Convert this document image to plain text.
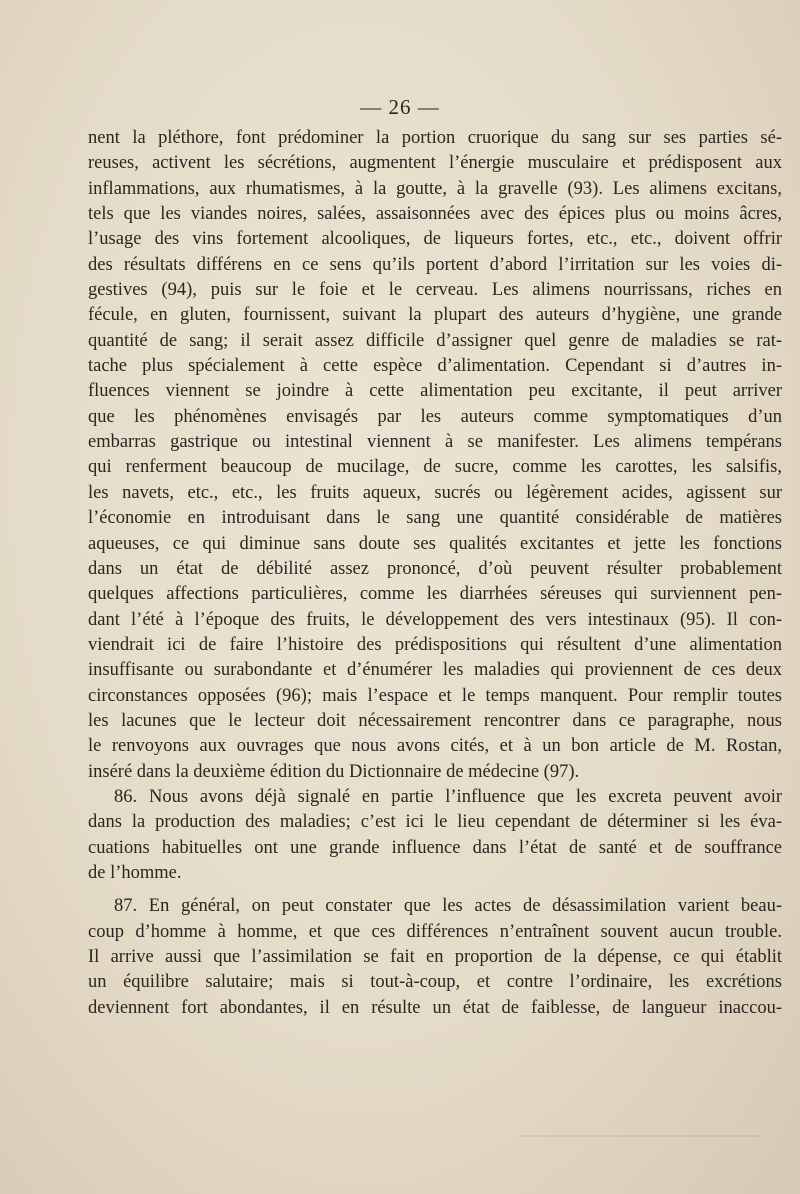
— 26 —
nent la pléthore, font prédominer la portion cruorique du sang sur ses parties sé-
reuses, activent les sécrétions, augmentent l’énergie musculaire et prédisposent aux
inflammations, aux rhumatismes, à la goutte, à la gravelle (93). Les alimens excitans,
tels que les viandes noires, salées, assaisonnées avec des épices plus ou moins âcres,
l’usage des vins fortement alcooliques, de liqueurs fortes, etc., etc., doivent offrir
des résultats différens en ce sens qu’ils portent d’abord l’irritation sur les voies di-
gestives (94), puis sur le foie et le cerveau. Les alimens nourrissans, riches en
fécule, en gluten, fournissent, suivant la plupart des auteurs d’hygiène, une grande
quantité de sang; il serait assez difficile d’assigner quel genre de maladies se rat-
tache plus spécialement à cette espèce d’alimentation. Cependant si d’autres in-
fluences viennent se joindre à cette alimentation peu excitante, il peut arriver
que les phénomènes envisagés par les auteurs comme symptomatiques d’un
embarras gastrique ou intestinal viennent à se manifester. Les alimens tempérans
qui renferment beaucoup de mucilage, de sucre, comme les carottes, les salsifis,
les navets, etc., etc., les fruits aqueux, sucrés ou légèrement acides, agissent sur
l’économie en introduisant dans le sang une quantité considérable de matières
aqueuses, ce qui diminue sans doute ses qualités excitantes et jette les fonctions
dans un état de débilité assez prononcé, d’où peuvent résulter probablement
quelques affections particulières, comme les diarrhées séreuses qui surviennent pen-
dant l’été à l’époque des fruits, le développement des vers intestinaux (95). Il con-
viendrait ici de faire l’histoire des prédispositions qui résultent d’une alimentation
insuffisante ou surabondante et d’énumérer les maladies qui proviennent de ces deux
circonstances opposées (96); mais l’espace et le temps manquent. Pour remplir toutes
les lacunes que le lecteur doit nécessairement rencontrer dans ce paragraphe, nous
le renvoyons aux ouvrages que nous avons cités, et à un bon article de M. Rostan,
inséré dans la deuxième édition du Dictionnaire de médecine (97).
86. Nous avons déjà signalé en partie l’influence que les excreta peuvent avoir
dans la production des maladies; c’est ici le lieu cependant de déterminer si les éva-
cuations habituelles ont une grande influence dans l’état de santé et de souffrance
de l’homme.
87. En général, on peut constater que les actes de désassimilation varient beau-
coup d’homme à homme, et que ces différences n’entraînent souvent aucun trouble.
Il arrive aussi que l’assimilation se fait en proportion de la dépense, ce qui établit
un équilibre salutaire; mais si tout-à-coup, et contre l’ordinaire, les excrétions
deviennent fort abondantes, il en résulte un état de faiblesse, de langueur inaccou-
